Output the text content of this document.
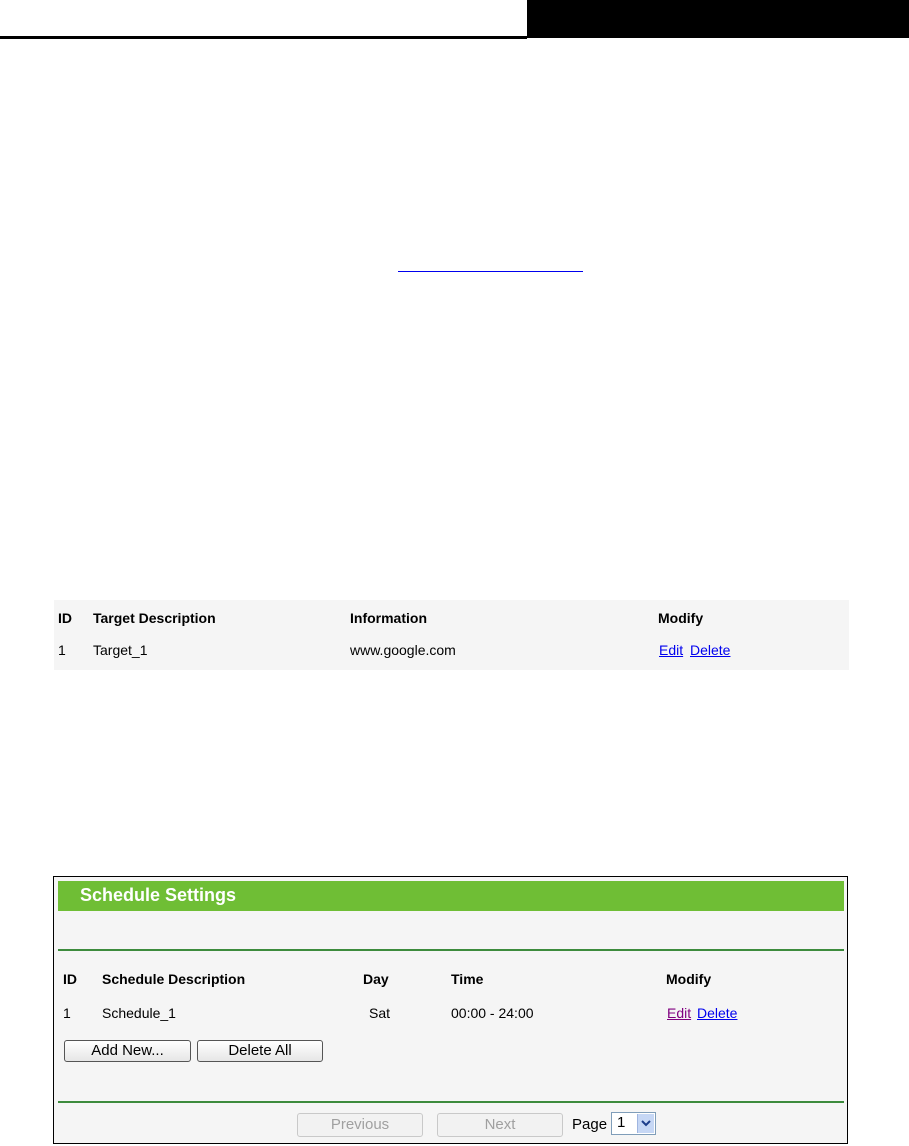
ID Target Description	Information	Modify
1 Target_1	www.google.com	Edit Delete
Schedule Settings
ID Schedule Description	Day	Time	Modify
1 Schedule_1	Sat	00:00 - 24:00	Edit Delete
Add New...	Delete All
Previous	Next	Page 1
